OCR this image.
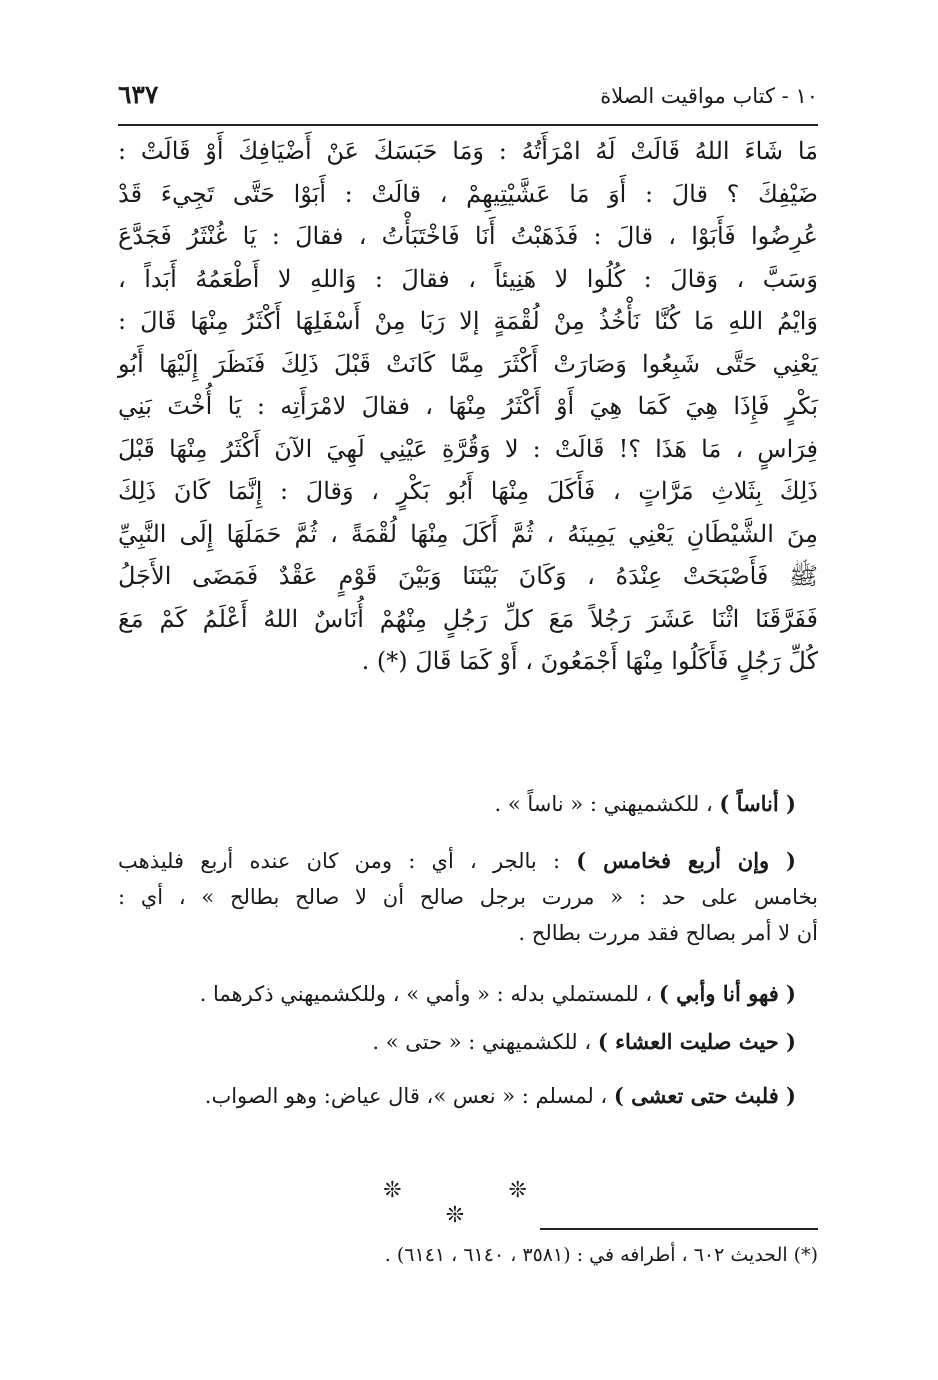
١٠ - كتاب مواقيت الصلاة
٦٣٧
مَا شَاءَ اللهُ قَالَتْ لَهُ امْرَأَتُهُ : وَمَا حَبَسَكَ عَنْ أَضْيَافِكَ أَوْ قَالَتْ :
ضَيْفِكَ ؟ قالَ : أَوَ مَا عَشَّيْتِيهِمْ ، قالَتْ : أَبَوْا حَتَّى تَجِيءَ قَدْ
عُرِضُوا فَأَبَوْا ، قالَ : فَذَهَبْتُ أَنَا فَاخْتَبَأْتُ ، فقالَ : يَا غُنْثَرُ فَجَدَّعَ
وَسَبَّ ، وَقالَ : كُلُوا لا هَنِيئاً ، فقالَ : وَاللهِ لا أَطْعَمُهُ أَبَداً ،
وَايْمُ اللهِ مَا كُنَّا نَأْخُذُ مِنْ لُقْمَةٍ إلا رَبَا مِنْ أَسْفَلِهَا أَكْثَرُ مِنْهَا قَالَ :
يَعْنِي حَتَّى شَبِعُوا وَصَارَتْ أَكْثَرَ مِمَّا كَانَتْ قَبْلَ ذَلِكَ فَنَظَرَ إِلَيْهَا أَبُو
بَكْرٍ فَإِذَا هِيَ كَمَا هِيَ أَوْ أَكْثَرُ مِنْهَا ، فقالَ لامْرَأَتِه : يَا أُخْتَ بَنِي
فِرَاسٍ ، مَا هَذَا ؟! قَالَتْ : لا وَقُرَّةِ عَيْنِي لَهِيَ الآنَ أَكْثَرُ مِنْهَا قَبْلَ
ذَلِكَ بِثَلاثِ مَرَّاتٍ ، فَأَكَلَ مِنْهَا أَبُو بَكْرٍ ، وَقالَ : إِنَّمَا كَانَ ذَلِكَ
مِنَ الشَّيْطَانِ يَعْنِي يَمِينَهُ ، ثُمَّ أَكَلَ مِنْهَا لُقْمَةً ، ثُمَّ حَمَلَهَا إِلَى النَّبِيِّ
ﷺ فَأَصْبَحَتْ عِنْدَهُ ، وَكَانَ بَيْنَنَا وَبَيْنَ قَوْمٍ عَقْدٌ فَمَضَى الأَجَلُ
فَفَرَّقَنَا اثْنَا عَشَرَ رَجُلاً مَعَ كلِّ رَجُلٍ مِنْهُمْ أُنَاسٌ اللهُ أَعْلَمُ كَمْ مَعَ
كُلِّ رَجُلٍ فَأَكَلُوا مِنْهَا أَجْمَعُونَ ، أَوْ كَمَا قَالَ (*) .

( أناساً ) ، للكشميهني : « ناساً » .

( وإن أربع فخامس ) : بالجر ، أي : ومن كان عنده أربع فليذهب

بخامس على حد : « مررت برجل صالح أن لا صالح بطالح » ، أي :

أن لا أمر بصالح فقد مررت بطالح .

( فهو أنا وأبي ) ، للمستملي بدله : « وأمي » ، وللكشميهني ذكرهما .

( حيث صليت العشاء ) ، للكشميهني : « حتى » .

( فلبث حتى تعشى ) ، لمسلم : « نعس »، قال عياض: وهو الصواب.

❊ ❊ ❊
(*) الحديث ٦٠٢ ، أطرافه في : (٣٥٨١ ، ٦١٤٠ ، ٦١٤١) .
